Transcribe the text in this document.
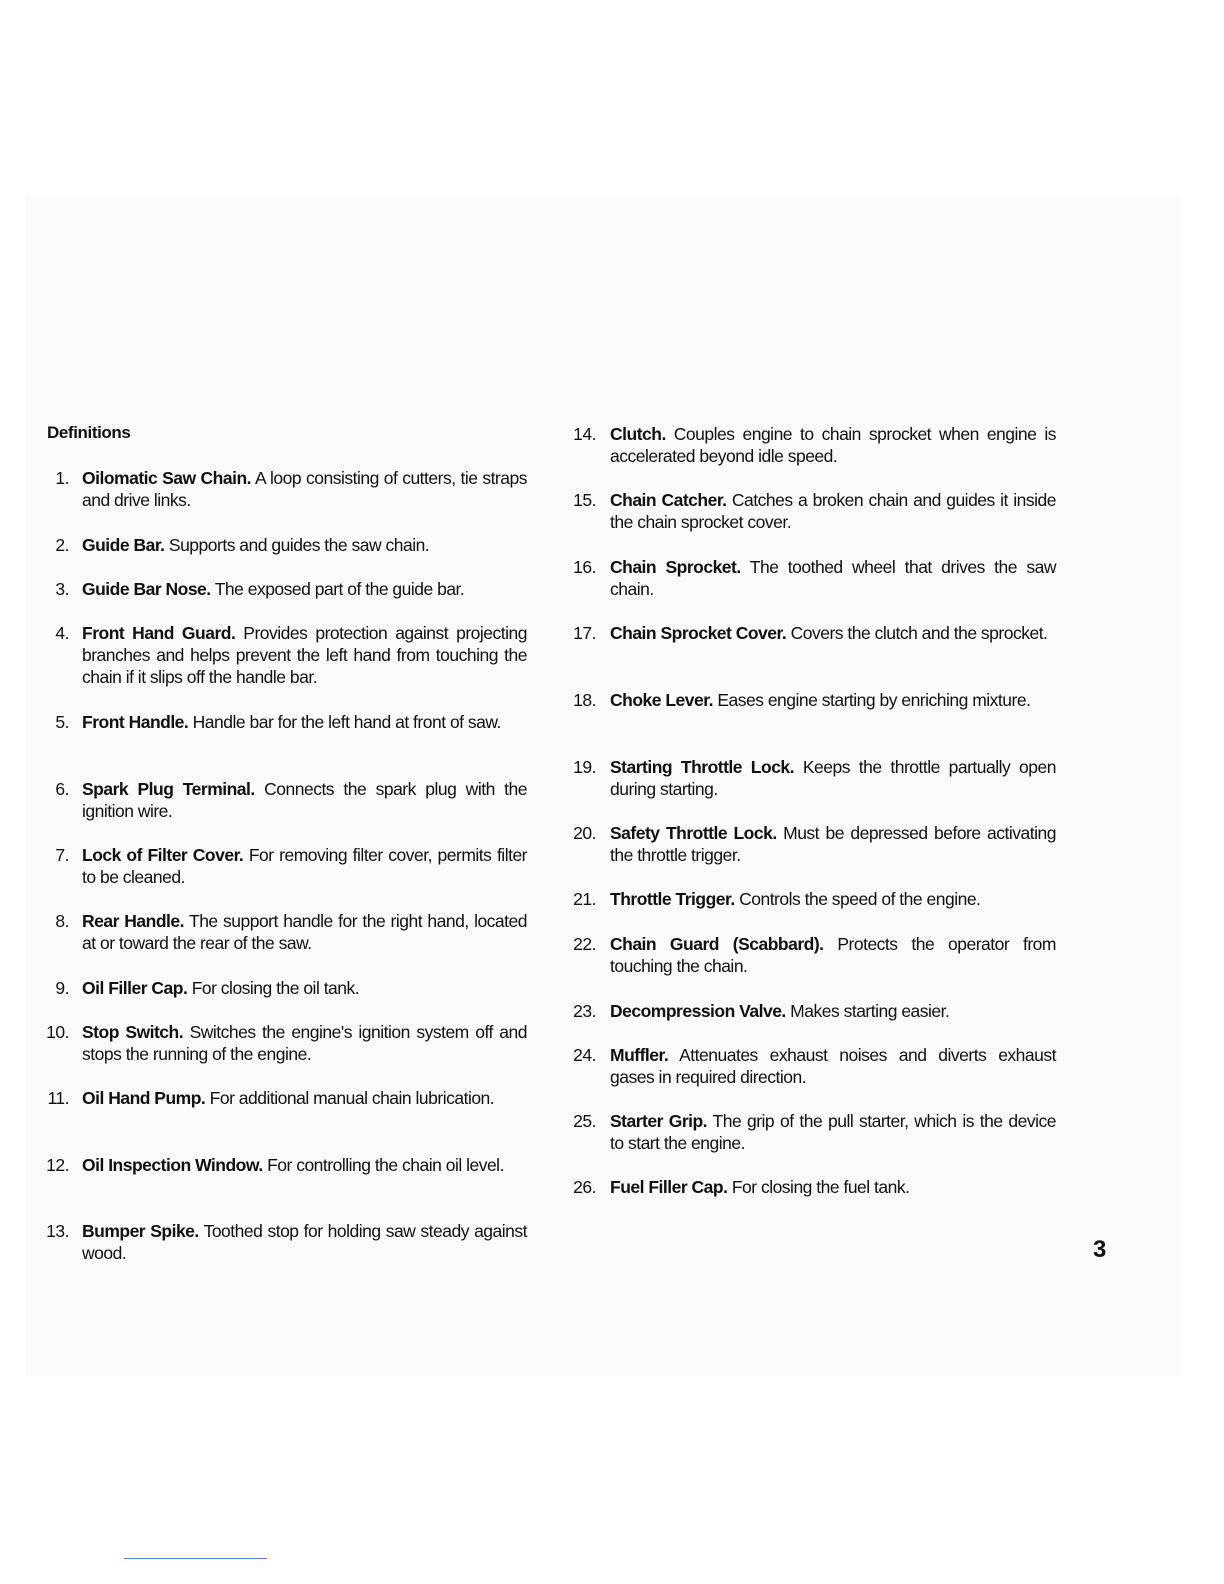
Definitions
1. Oilomatic Saw Chain. A loop consisting of cutters, tie straps and drive links.
2. Guide Bar. Supports and guides the saw chain.
3. Guide Bar Nose. The exposed part of the guide bar.
4. Front Hand Guard. Provides protection against projecting branches and helps prevent the left hand from touching the chain if it slips off the handle bar.
5. Front Handle. Handle bar for the left hand at front of saw.
6. Spark Plug Terminal. Connects the spark plug with the ignition wire.
7. Lock of Filter Cover. For removing filter cover, permits filter to be cleaned.
8. Rear Handle. The support handle for the right hand, located at or toward the rear of the saw.
9. Oil Filler Cap. For closing the oil tank.
10. Stop Switch. Switches the engine's ignition system off and stops the running of the engine.
11. Oil Hand Pump. For additional manual chain lubrication.
12. Oil Inspection Window. For controlling the chain oil level.
13. Bumper Spike. Toothed stop for holding saw steady against wood.
14. Clutch. Couples engine to chain sprocket when engine is accelerated beyond idle speed.
15. Chain Catcher. Catches a broken chain and guides it inside the chain sprocket cover.
16. Chain Sprocket. The toothed wheel that drives the saw chain.
17. Chain Sprocket Cover. Covers the clutch and the sprocket.
18. Choke Lever. Eases engine starting by enriching mixture.
19. Starting Throttle Lock. Keeps the throttle partually open during starting.
20. Safety Throttle Lock. Must be depressed before activating the throttle trigger.
21. Throttle Trigger. Controls the speed of the engine.
22. Chain Guard (Scabbard). Protects the operator from touching the chain.
23. Decompression Valve. Makes starting easier.
24. Muffler. Attenuates exhaust noises and diverts exhaust gases in required direction.
25. Starter Grip. The grip of the pull starter, which is the device to start the engine.
26. Fuel Filler Cap. For closing the fuel tank.
3
